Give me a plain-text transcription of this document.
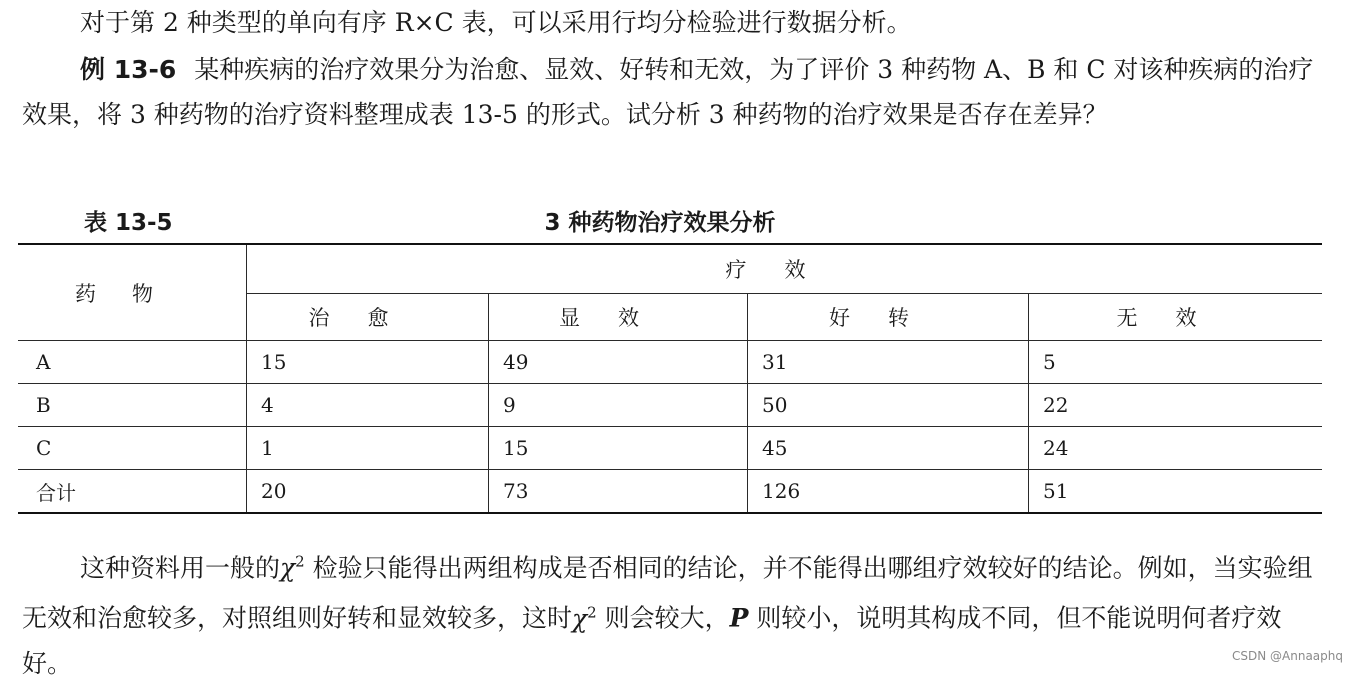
对于第 2 种类型的单向有序 R×C 表，可以采用行均分检验进行数据分析。

例 13-6 某种疾病的治疗效果分为治愈、显效、好转和无效，为了评价 3 种药物 A、B 和 C 对该种疾病的治疗效果，将 3 种药物的治疗资料整理成表 13-5 的形式。试分析 3 种药物的治疗效果是否存在差异？

表 13-5	3 种药物治疗效果分析
药物	疗效			
	治愈	显效	好转	无效
A	15	49	31	5
B	4	9	50	22
C	1	15	45	24
合计	20	73	126	51

这种资料用一般的$\chi^2$ 检验只能得出两组构成是否相同的结论，并不能得出哪组疗效较好的结论。例如，当实验组无效和治愈较多，对照组则好转和显效较多，这时$\chi^2$ 则会较大，P 则较小，说明其构成不同，但不能说明何者疗效好。	CSDN @Annaaphq
